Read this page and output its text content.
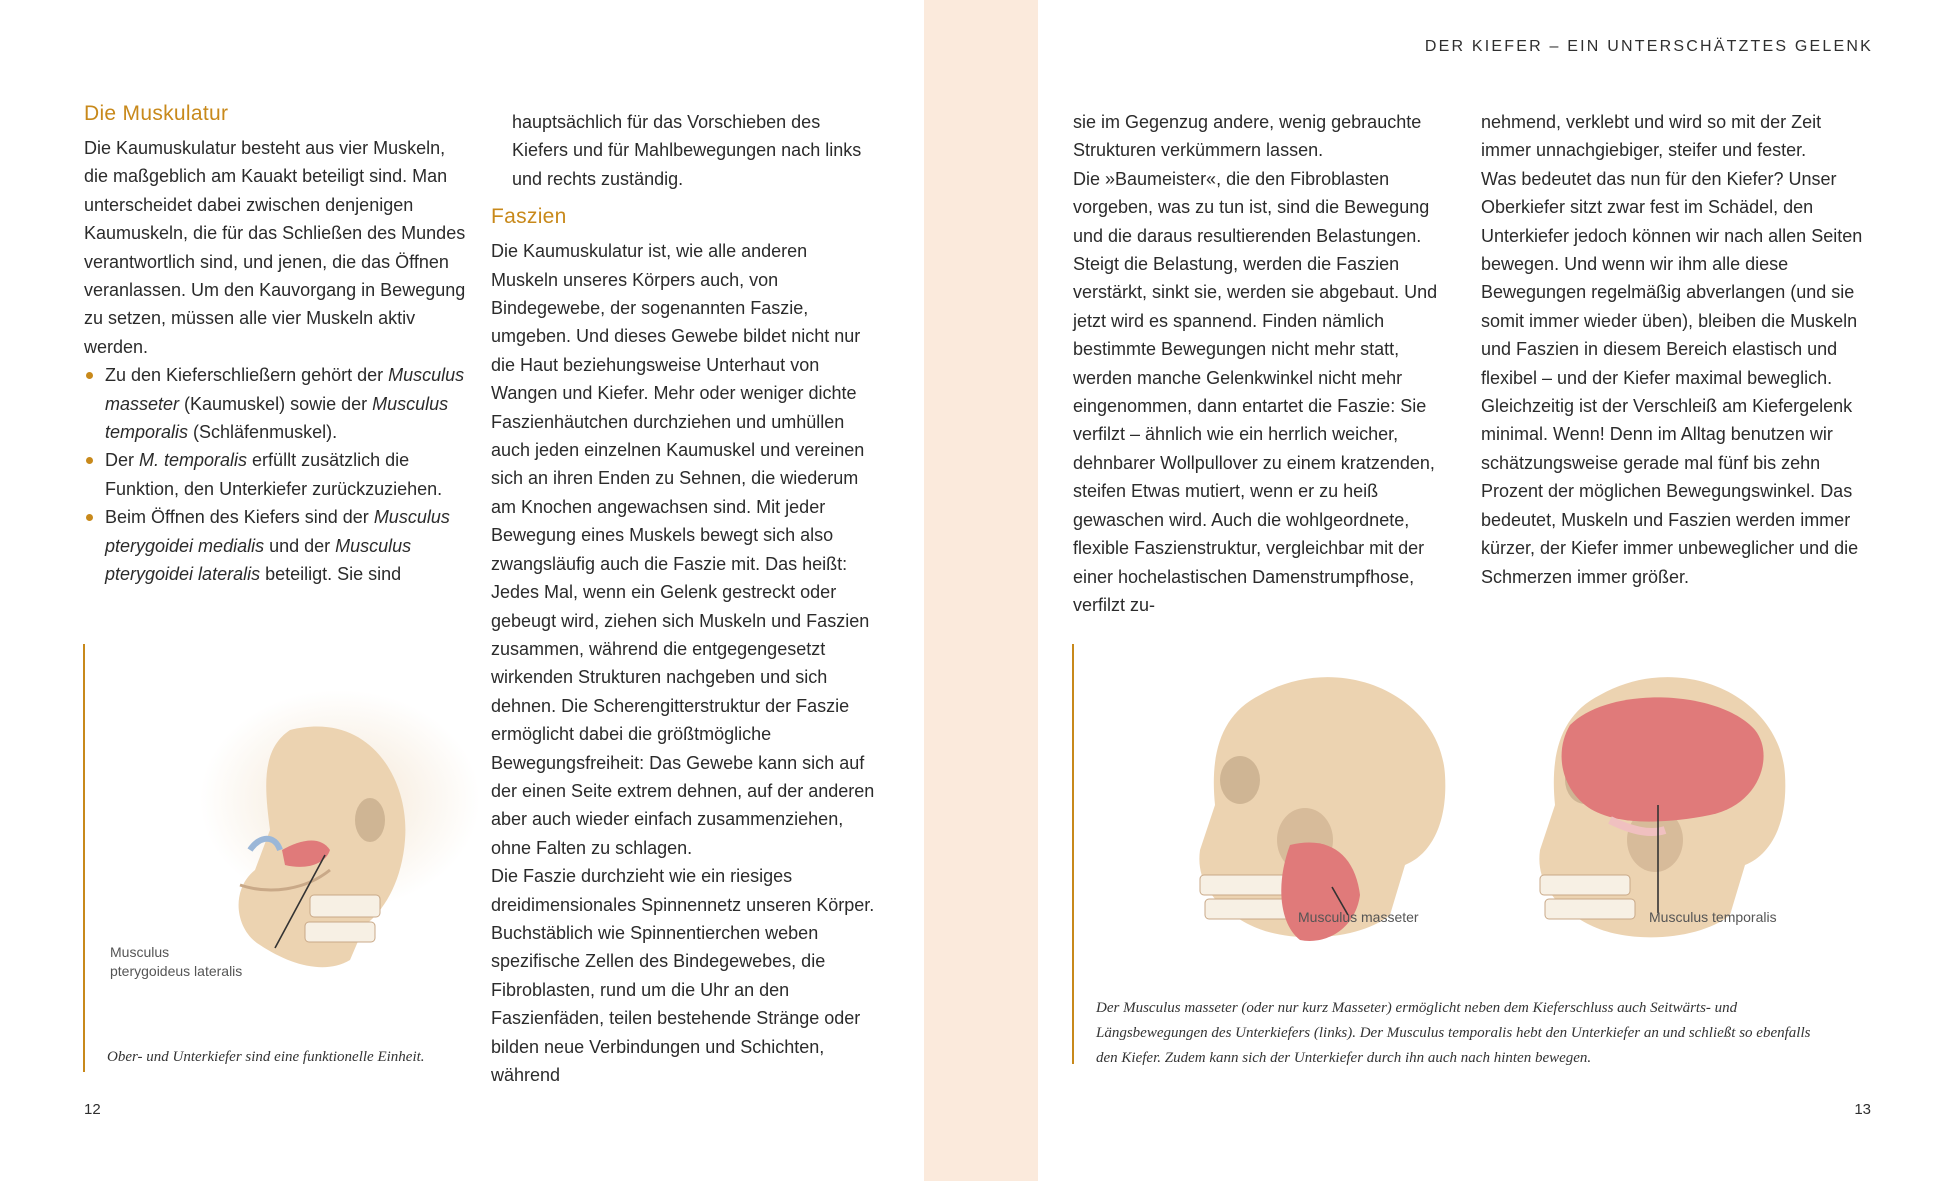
DER KIEFER – EIN UNTERSCHÄTZTES GELENK
Die Muskulatur

Die Kaumuskulatur besteht aus vier Muskeln, die maßgeblich am Kauakt beteiligt sind. Man unterscheidet dabei zwischen denjenigen Kaumuskeln, die für das Schließen des Mundes verantwortlich sind, und jenen, die das Öffnen veranlassen. Um den Kauvorgang in Bewegung zu setzen, müssen alle vier Muskeln aktiv werden.

Zu den Kieferschließern gehört der Musculus masseter (Kaumuskel) sowie der Musculus temporalis (Schläfenmuskel).
Der M. temporalis erfüllt zusätzlich die Funktion, den Unterkiefer zurückzuziehen.
Beim Öffnen des Kiefers sind der Musculus pterygoidei medialis und der Musculus pterygoidei lateralis beteiligt. Sie sind
Musculus
pterygoideus lateralis
Ober- und Unterkiefer sind eine funktionelle Einheit.

hauptsächlich für das Vorschieben des Kiefers und für Mahlbewegungen nach links und rechts zuständig.

Faszien

Die Kaumuskulatur ist, wie alle anderen Muskeln unseres Körpers auch, von Bindegewebe, der sogenannten Faszie, umgeben. Und dieses Gewebe bildet nicht nur die Haut beziehungsweise Unterhaut von Wangen und Kiefer. Mehr oder weniger dichte Faszienhäutchen durchziehen und umhüllen auch jeden einzelnen Kaumuskel und vereinen sich an ihren Enden zu Sehnen, die wiederum am Knochen angewachsen sind. Mit jeder Bewegung eines Muskels bewegt sich also zwangsläufig auch die Faszie mit. Das heißt: Jedes Mal, wenn ein Gelenk gestreckt oder gebeugt wird, ziehen sich Muskeln und Faszien zusammen, während die entgegengesetzt wirkenden Strukturen nachgeben und sich dehnen. Die Scherengitterstruktur der Faszie ermöglicht dabei die größtmögliche Bewegungsfreiheit: Das Gewebe kann sich auf der einen Seite extrem dehnen, auf der anderen aber auch wieder einfach zusammenziehen, ohne Falten zu schlagen.

Die Faszie durchzieht wie ein riesiges dreidimensionales Spinnennetz unseren Körper. Buchstäblich wie Spinnentierchen weben spezifische Zellen des Bindegewebes, die Fibroblasten, rund um die Uhr an den Faszienfäden, teilen bestehende Stränge oder bilden neue Verbindungen und Schichten, während

12

sie im Gegenzug andere, wenig gebrauchte Strukturen verkümmern lassen.

Die »Baumeister«, die den Fibroblasten vorgeben, was zu tun ist, sind die Bewegung und die daraus resultierenden Belastungen. Steigt die Belastung, werden die Faszien verstärkt, sinkt sie, werden sie abgebaut. Und jetzt wird es spannend. Finden nämlich bestimmte Bewegungen nicht mehr statt, werden manche Gelenkwinkel nicht mehr eingenommen, dann entartet die Faszie: Sie verfilzt – ähnlich wie ein herrlich weicher, dehnbarer Wollpullover zu einem kratzenden, steifen Etwas mutiert, wenn er zu heiß gewaschen wird. Auch die wohlgeordnete, flexible Faszienstruktur, vergleichbar mit der einer hochelastischen Damenstrumpfhose, verfilzt zu-

nehmend, verklebt und wird so mit der Zeit immer unnachgiebiger, steifer und fester.

Was bedeutet das nun für den Kiefer? Unser Oberkiefer sitzt zwar fest im Schädel, den Unterkiefer jedoch können wir nach allen Seiten bewegen. Und wenn wir ihm alle diese Bewegungen regelmäßig abverlangen (und sie somit immer wieder üben), bleiben die Muskeln und Faszien in diesem Bereich elastisch und flexibel – und der Kiefer maximal beweglich. Gleichzeitig ist der Verschleiß am Kiefergelenk minimal. Wenn! Denn im Alltag benutzen wir schätzungsweise gerade mal fünf bis zehn Prozent der möglichen Bewegungswinkel. Das bedeutet, Muskeln und Faszien werden immer kürzer, der Kiefer immer unbeweglicher und die Schmerzen immer größer.

Musculus masseter	Musculus temporalis
Der Musculus masseter (oder nur kurz Masseter) ermöglicht neben dem Kieferschluss auch Seitwärts- und Längsbewegungen des Unterkiefers (links). Der Musculus temporalis hebt den Unterkiefer an und schließt so ebenfalls den Kiefer. Zudem kann sich der Unterkiefer durch ihn auch nach hinten bewegen.
13
